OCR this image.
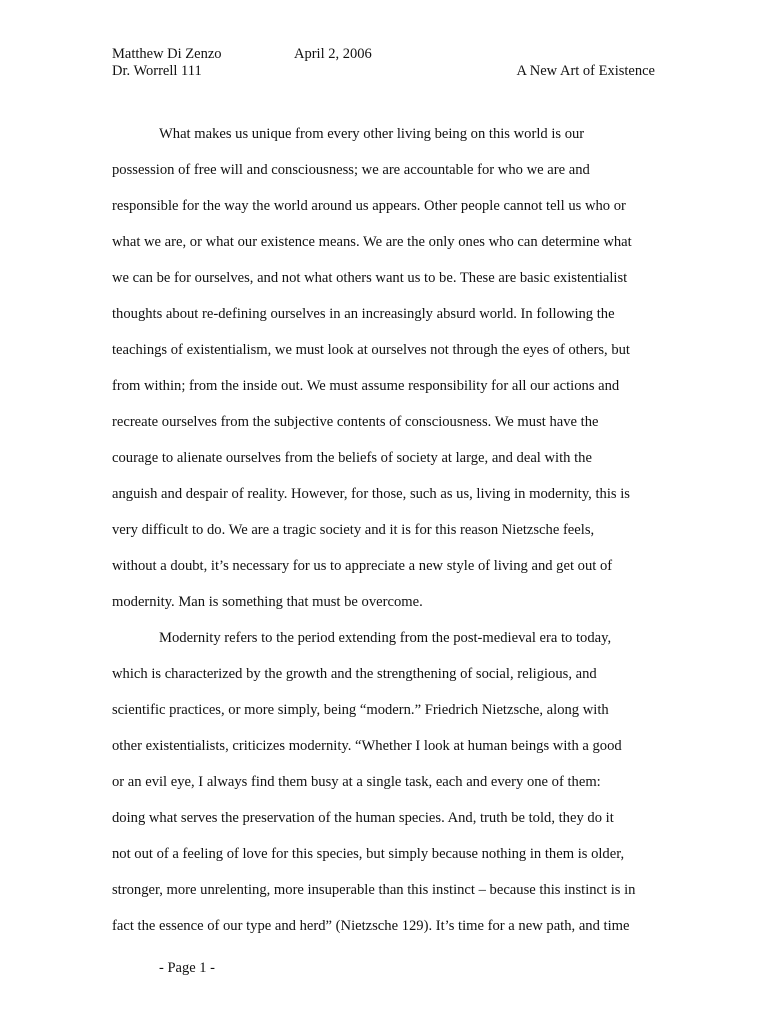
Matthew Di Zenzo	April 2, 2006
Dr. Worrell 111	A New Art of Existence
What makes us unique from every other living being on this world is our
possession of free will and consciousness; we are accountable for who we are and
responsible for the way the world around us appears. Other people cannot tell us who or
what we are, or what our existence means. We are the only ones who can determine what
we can be for ourselves, and not what others want us to be. These are basic existentialist
thoughts about re-defining ourselves in an increasingly absurd world. In following the
teachings of existentialism, we must look at ourselves not through the eyes of others, but
from within; from the inside out. We must assume responsibility for all our actions and
recreate ourselves from the subjective contents of consciousness. We must have the
courage to alienate ourselves from the beliefs of society at large, and deal with the
anguish and despair of reality. However, for those, such as us, living in modernity, this is
very difficult to do. We are a tragic society and it is for this reason Nietzsche feels,
without a doubt, it’s necessary for us to appreciate a new style of living and get out of
modernity. Man is something that must be overcome.
Modernity refers to the period extending from the post-medieval era to today,
which is characterized by the growth and the strengthening of social, religious, and
scientific practices, or more simply, being “modern.” Friedrich Nietzsche, along with
other existentialists, criticizes modernity. “Whether I look at human beings with a good
or an evil eye, I always find them busy at a single task, each and every one of them:
doing what serves the preservation of the human species. And, truth be told, they do it
not out of a feeling of love for this species, but simply because nothing in them is older,
stronger, more unrelenting, more insuperable than this instinct – because this instinct is in
fact the essence of our type and herd” (Nietzsche 129). It’s time for a new path, and time
- Page 1 -
